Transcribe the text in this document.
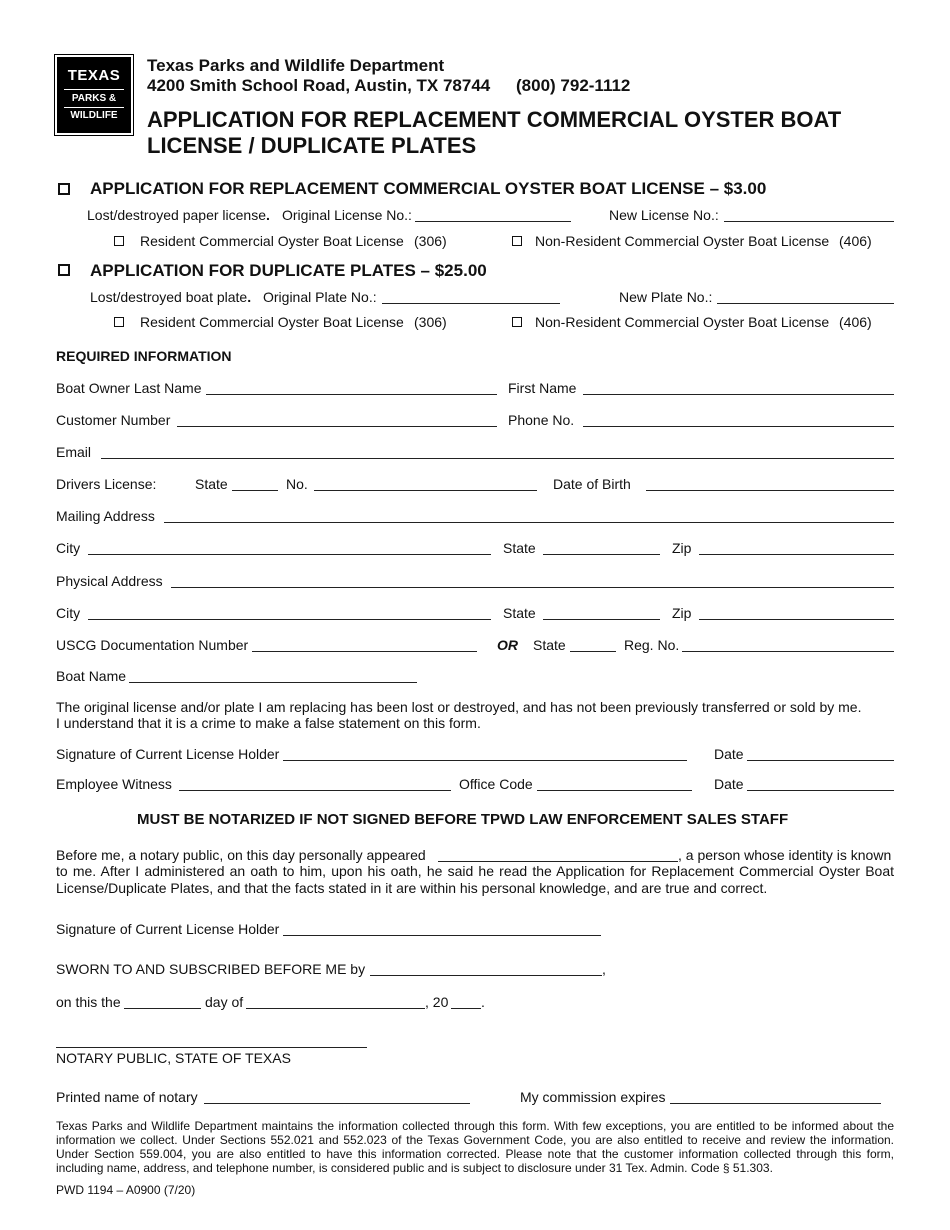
TEXAS
PARKS &
WILDLIFE
Texas Parks and Wildlife Department
4200 Smith School Road, Austin, TX 78744 (800) 792-1112
APPLICATION FOR REPLACEMENT COMMERCIAL OYSTER BOAT LICENSE / DUPLICATE PLATES
APPLICATION FOR REPLACEMENT COMMERCIAL OYSTER BOAT LICENSE – $3.00
Lost/destroyed paper license. Original License No.:	New License No.:
Resident Commercial Oyster Boat License (306)	Non-Resident Commercial Oyster Boat License (406)
APPLICATION FOR DUPLICATE PLATES – $25.00
Lost/destroyed boat plate. Original Plate No.:	New Plate No.:
Resident Commercial Oyster Boat License (306)	Non-Resident Commercial Oyster Boat License (406)
REQUIRED INFORMATION
Boat Owner Last Name	First Name
Customer Number	Phone No.
Email
Drivers License:	State	No.	Date of Birth
Mailing Address
City	State	Zip
Physical Address
City	State	Zip
USCG Documentation Number	OR State	Reg. No.
Boat Name
The original license and/or plate I am replacing has been lost or destroyed, and has not been previously transferred or sold by me.
I understand that it is a crime to make a false statement on this form.
Signature of Current License Holder	Date
Employee Witness	Office Code	Date
MUST BE NOTARIZED IF NOT SIGNED BEFORE TPWD LAW ENFORCEMENT SALES STAFF
Before me, a notary public, on this day personally appeared	, a person whose identity is known
to me. After I administered an oath to him, upon his oath, he said he read the Application for Replacement Commercial Oyster Boat License/Duplicate Plates, and that the facts stated in it are within his personal knowledge, and are true and correct.
Signature of Current License Holder
SWORN TO AND SUBSCRIBED BEFORE ME by	,
on this the	day of	, 20 .
NOTARY PUBLIC, STATE OF TEXAS
Printed name of notary	My commission expires
Texas Parks and Wildlife Department maintains the information collected through this form. With few exceptions, you are entitled to be informed about the information we collect. Under Sections 552.021 and 552.023 of the Texas Government Code, you are also entitled to receive and review the information. Under Section 559.004, you are also entitled to have this information corrected. Please note that the customer information collected through this form, including name, address, and telephone number, is considered public and is subject to disclosure under 31 Tex. Admin. Code § 51.303.
PWD 1194 – A0900 (7/20)
